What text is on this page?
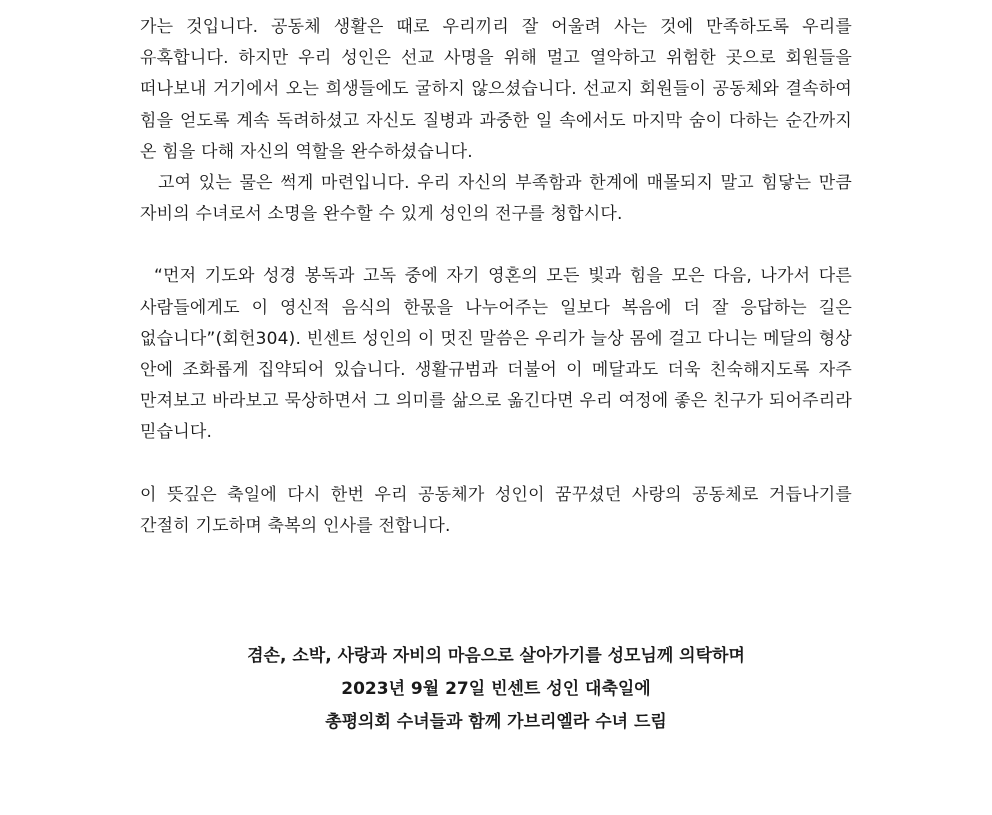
가는 것입니다. 공동체 생활은 때로 우리끼리 잘 어울려 사는 것에 만족하도록 우리를 유혹합니다. 하지만 우리 성인은 선교 사명을 위해 멀고 열악하고 위험한 곳으로 회원들을 떠나보내 거기에서 오는 희생들에도 굴하지 않으셨습니다. 선교지 회원들이 공동체와 결속하여 힘을 얻도록 계속 독려하셨고 자신도 질병과 과중한 일 속에서도 마지막 숨이 다하는 순간까지 온 힘을 다해 자신의 역할을 완수하셨습니다.

고여 있는 물은 썩게 마련입니다. 우리 자신의 부족함과 한계에 매몰되지 말고 힘닿는 만큼 자비의 수녀로서 소명을 완수할 수 있게 성인의 전구를 청합시다.

“먼저 기도와 성경 봉독과 고독 중에 자기 영혼의 모든 빛과 힘을 모은 다음, 나가서 다른 사람들에게도 이 영신적 음식의 한몫을 나누어주는 일보다 복음에 더 잘 응답하는 길은 없습니다”(회헌304). 빈센트 성인의 이 멋진 말씀은 우리가 늘상 몸에 걸고 다니는 메달의 형상 안에 조화롭게 집약되어 있습니다. 생활규범과 더불어 이 메달과도 더욱 친숙해지도록 자주 만져보고 바라보고 묵상하면서 그 의미를 삶으로 옮긴다면 우리 여정에 좋은 친구가 되어주리라 믿습니다.

이 뜻깊은 축일에 다시 한번 우리 공동체가 성인이 꿈꾸셨던 사랑의 공동체로 거듭나기를 간절히 기도하며 축복의 인사를 전합니다.

겸손, 소박, 사랑과 자비의 마음으로 살아가기를 성모님께 의탁하며

2023년 9월 27일 빈센트 성인 대축일에

총평의회 수녀들과 함께 가브리엘라 수녀 드림
